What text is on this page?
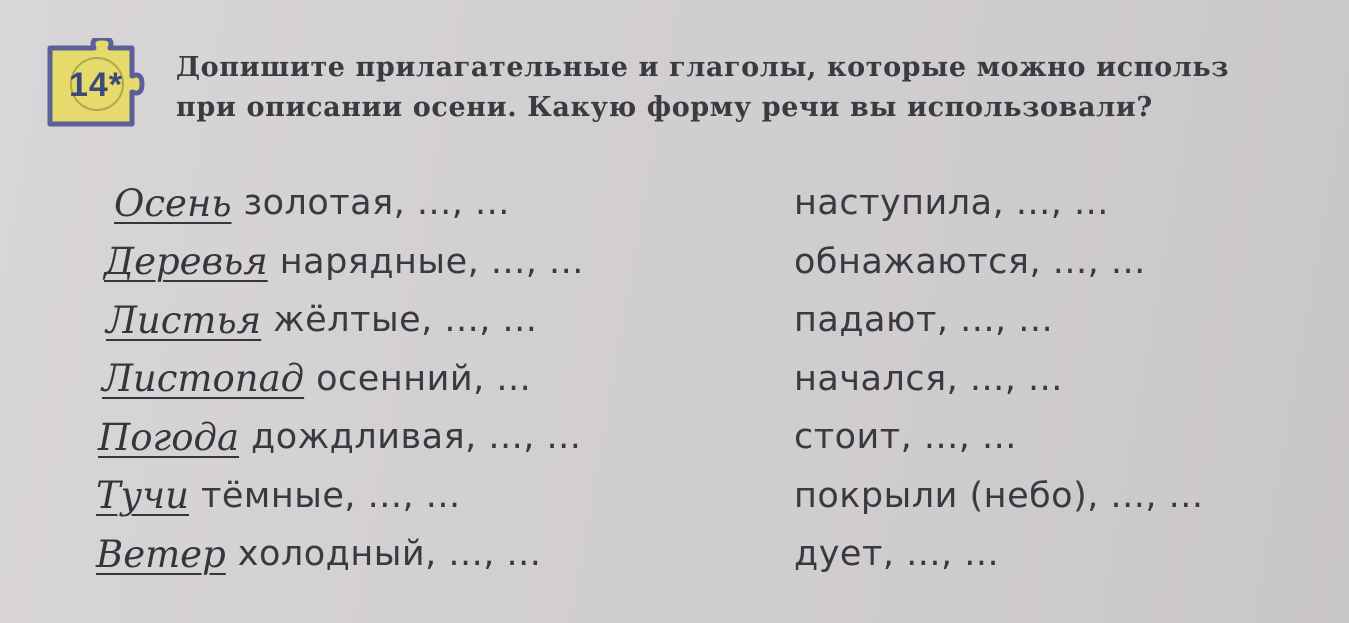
14*	Допишите прилагательные и глаголы, которые можно использ
при описании осени. Какую форму речи вы использовали?
Осень золотая, ..., ...
Деревья нарядные, ..., ...
Листья жёлтые, ..., ...
Листопад осенний, ...
Погода дождливая, ..., ...
Тучи тёмные, ..., ...
Ветер холодный, ..., ...
наступила, ..., ...
обнажаются, ..., ...
падают, ..., ...
начался, ..., ...
стоит, ..., ...
покрыли (небо), ..., ...
дует, ..., ...
